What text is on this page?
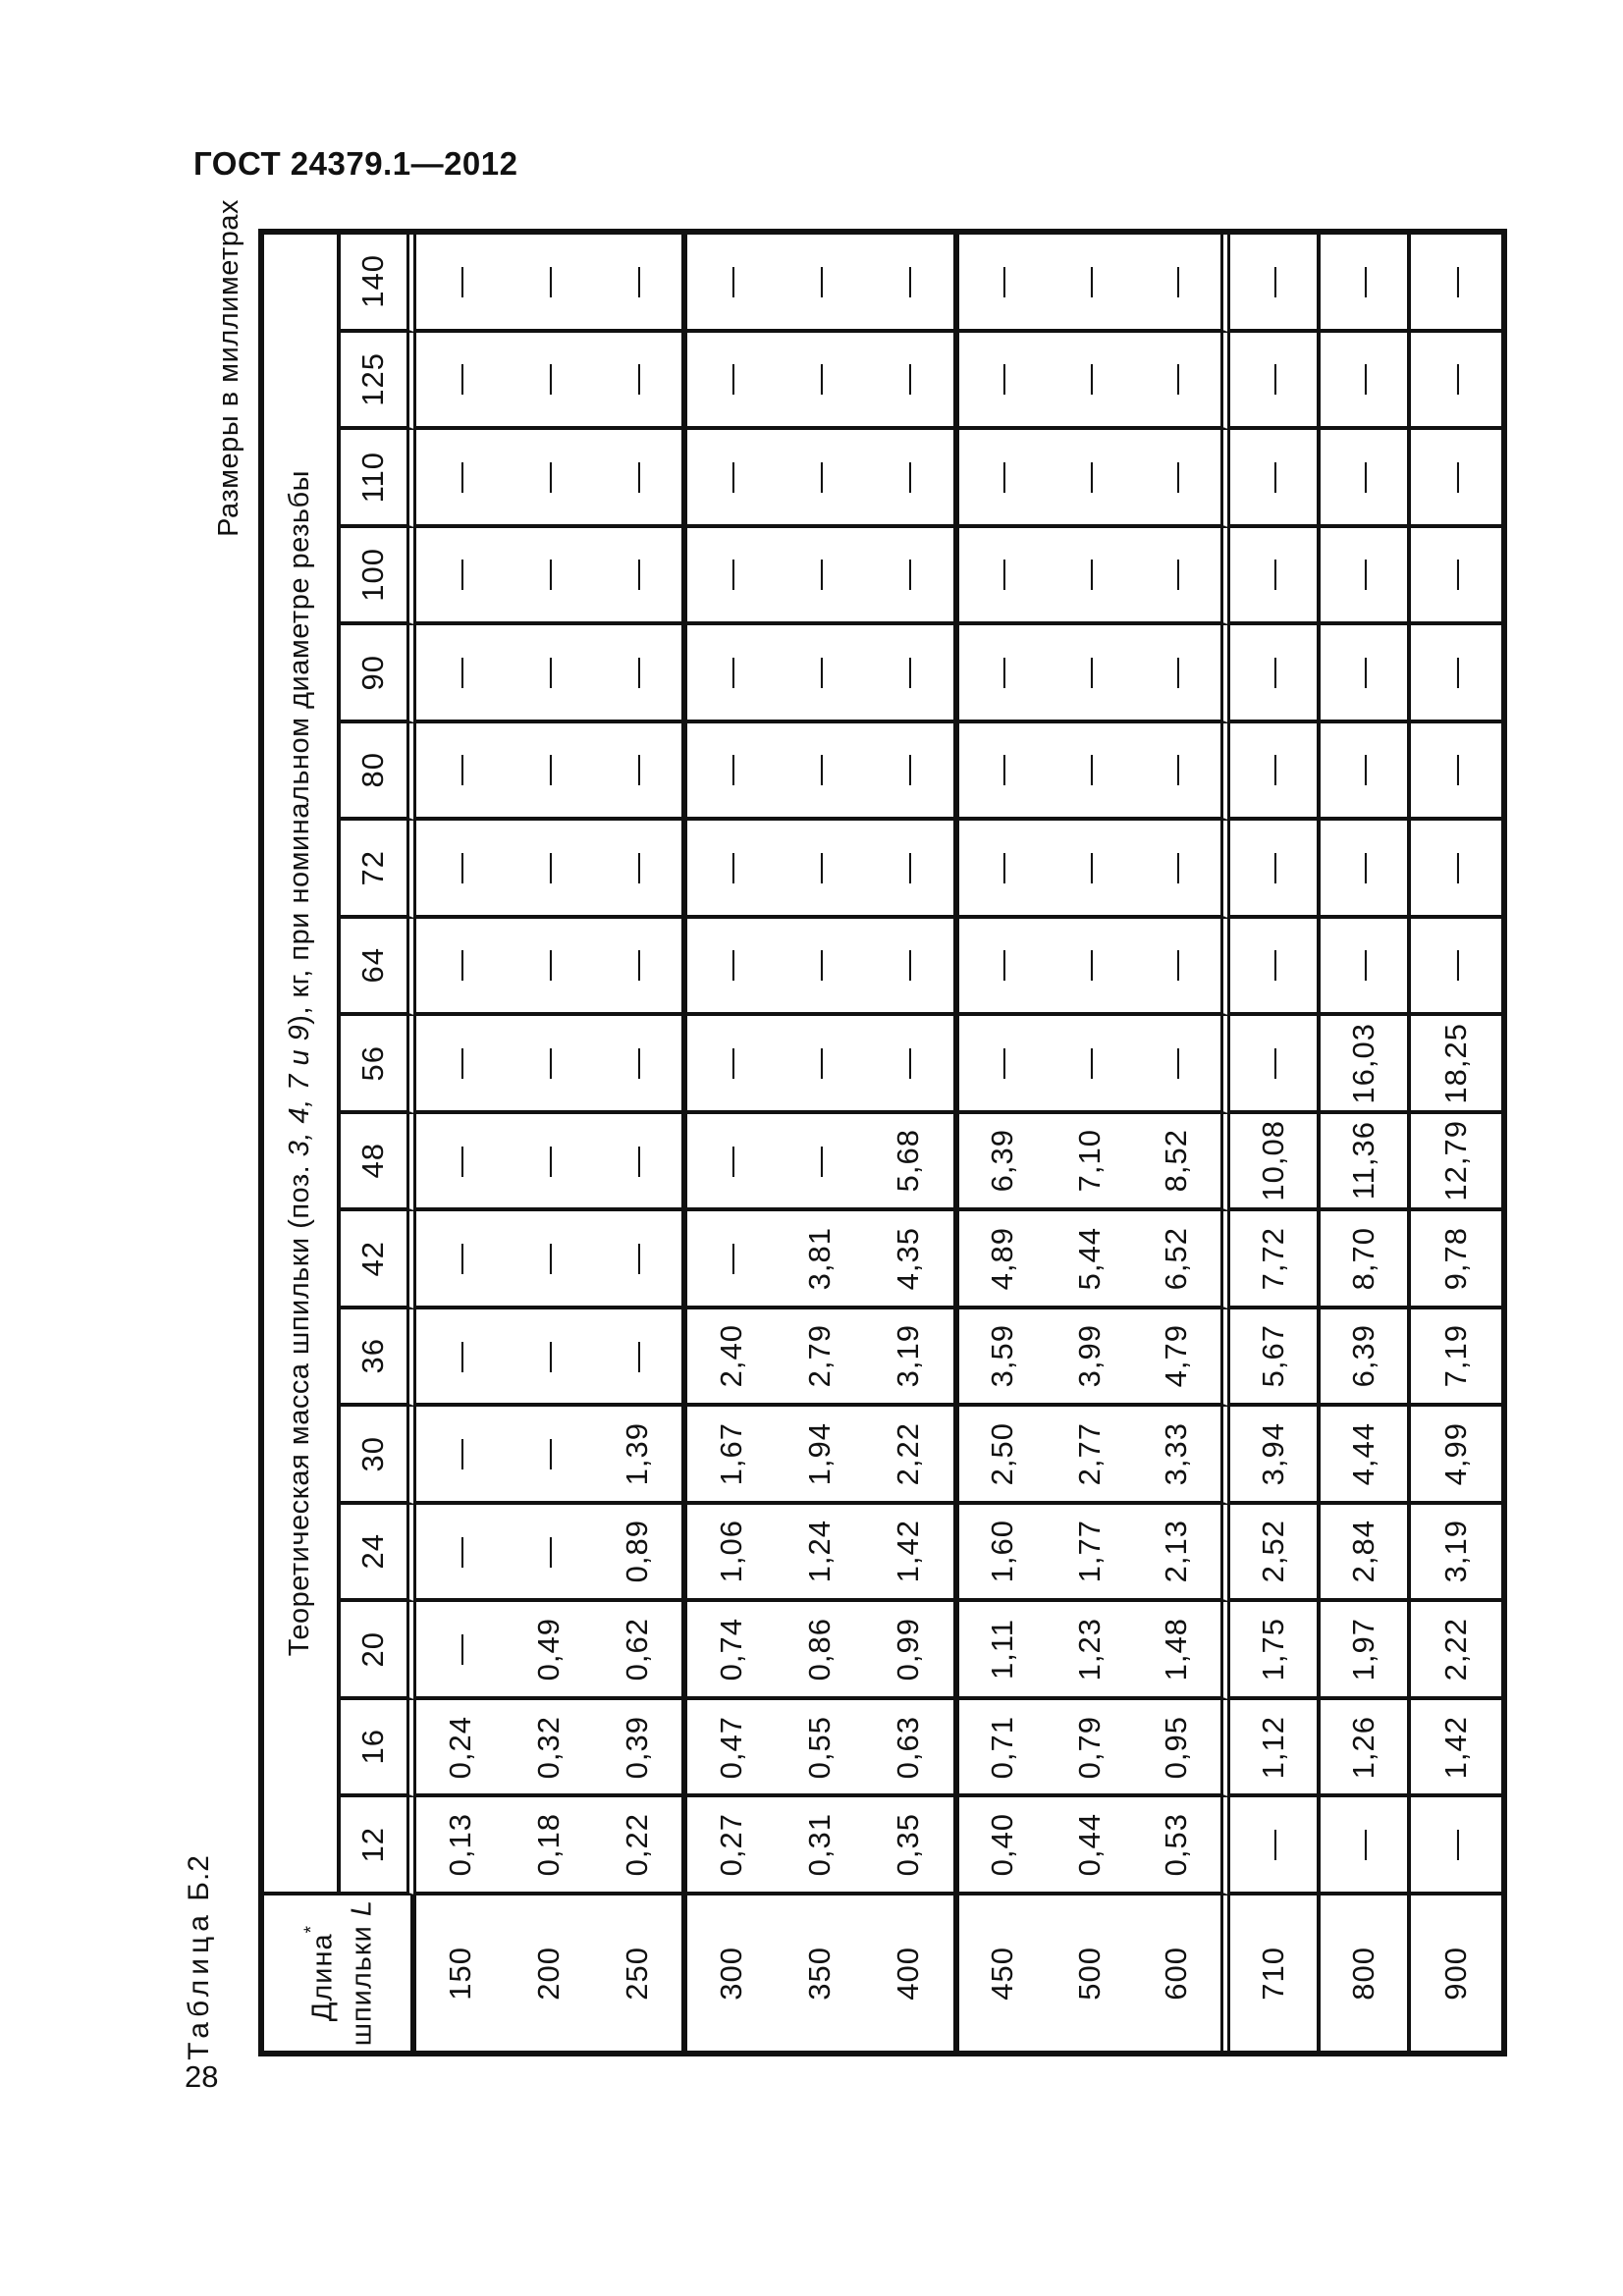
ГОСТ 24379.1—2012
Размеры в миллиметрах
Таблица Б.2
28
Теоретическая масса шпильки (поз. 3, 4, 7 и 9), кг, при номинальном диаметре резьбы
Длина* шпильки L
140
125
110
100
90
80
72
64
56
48
42
36
30
24
20
16
12
— — — — — — — — — — — —
— — — — — — — — — — — —
— — — — — — — — — — — —
— — — — — — — — — — — —
— — — — — — — — — — — —
— — — — — — — — — — — —
— — — — — — — — — — — —
— — — — — — — — — — — —
— — — — — — — — — — 16,03 18,25
— — — — — 5,68 6,39 7,10 8,52 10,08 11,36 12,79
— — — — 3,81 4,35 4,89 5,44 6,52 7,72 8,70 9,78
— — — 2,40 2,79 3,19 3,59 3,99 4,79 5,67 6,39 7,19
— — 1,39 1,67 1,94 2,22 2,50 2,77 3,33 3,94 4,44 4,99
— — 0,89 1,06 1,24 1,42 1,60 1,77 2,13 2,52 2,84 3,19
— 0,49 0,62 0,74 0,86 0,99 1,11 1,23 1,48 1,75 1,97 2,22
0,24 0,32 0,39 0,47 0,55 0,63 0,71 0,79 0,95 1,12 1,26 1,42
0,13 0,18 0,22 0,27 0,31 0,35 0,40 0,44 0,53 — — —
150 200 250 300 350 400 450 500 600 710 800 900
